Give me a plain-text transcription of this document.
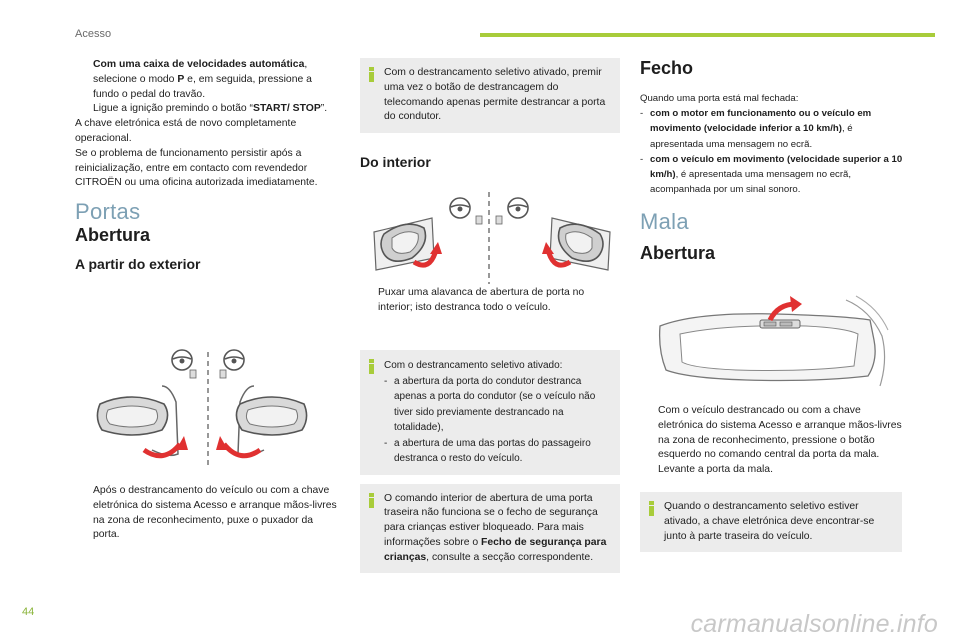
Acesso
Com uma caixa de velocidades automática, selecione o modo P e, em seguida, pressione a fundo o pedal do travão.
Ligue a ignição premindo o botão “START/ STOP”.
A chave eletrónica está de novo completamente operacional.
Se o problema de funcionamento persistir após a reinicialização, entre em contacto com revendedor CITROËN ou uma oficina autorizada imediatamente.
Portas
Abertura
A partir do exterior
Após o destrancamento do veículo ou com a chave eletrónica do sistema Acesso e arranque mãos-livres na zona de reconhecimento, puxe o puxador da porta.
Com o destrancamento seletivo ativado, premir uma vez o botão de destrancagem do telecomando apenas permite destrancar a porta do condutor.
Do interior
Puxar uma alavanca de abertura de porta no interior; isto destranca todo o veículo.
Com o destrancamento seletivo ativado:
- a abertura da porta do condutor destranca apenas a porta do condutor (se o veículo não tiver sido previamente destrancado na totalidade),
- a abertura de uma das portas do passageiro destranca o resto do veículo.
O comando interior de abertura de uma porta traseira não funciona se o fecho de segurança para crianças estiver bloqueado. Para mais informações sobre o Fecho de segurança para crianças, consulte a secção correspondente.
Fecho
Quando uma porta está mal fechada:
- com o motor em funcionamento ou o veículo em movimento (velocidade inferior a 10 km/h), é apresentada uma mensagem no ecrã.
- com o veículo em movimento (velocidade superior a 10 km/h), é apresentada uma mensagem no ecrã, acompanhada por um sinal sonoro.
Mala
Abertura
Com o veículo destrancado ou com a chave eletrónica do sistema Acesso e arranque mãos-livres na zona de reconhecimento, pressione o botão esquerdo no comando central da porta da mala.
Levante a porta da mala.
Quando o destrancamento seletivo estiver ativado, a chave eletrónica deve encontrar-se junto à parte traseira do veículo.
44	carmanualsonline.info
